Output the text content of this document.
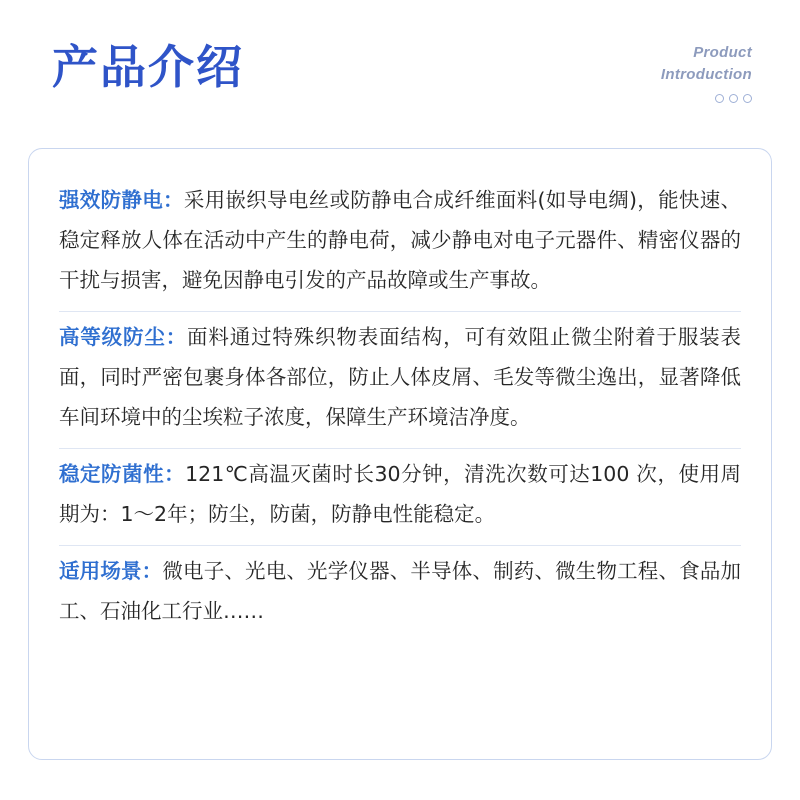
产品介绍	Product
Introduction

强效防静电：采用嵌织导电丝或防静电合成纤维面料(如导电绸)，能快速、稳定释放人体在活动中产生的静电荷，减少静电对电子元器件、精密仪器的干扰与损害，避免因静电引发的产品故障或生产事故。

高等级防尘：面料通过特殊织物表面结构，可有效阻止微尘附着于服装表面，同时严密包裹身体各部位，防止人体皮屑、毛发等微尘逸出，显著降低车间环境中的尘埃粒子浓度，保障生产环境洁净度。

稳定防菌性：121℃高温灭菌时长30分钟，清洗次数可达100 次，使用周期为：1～2年；防尘，防菌，防静电性能稳定。

适用场景：微电子、光电、光学仪器、半导体、制药、微生物工程、食品加工、石油化工行业……
